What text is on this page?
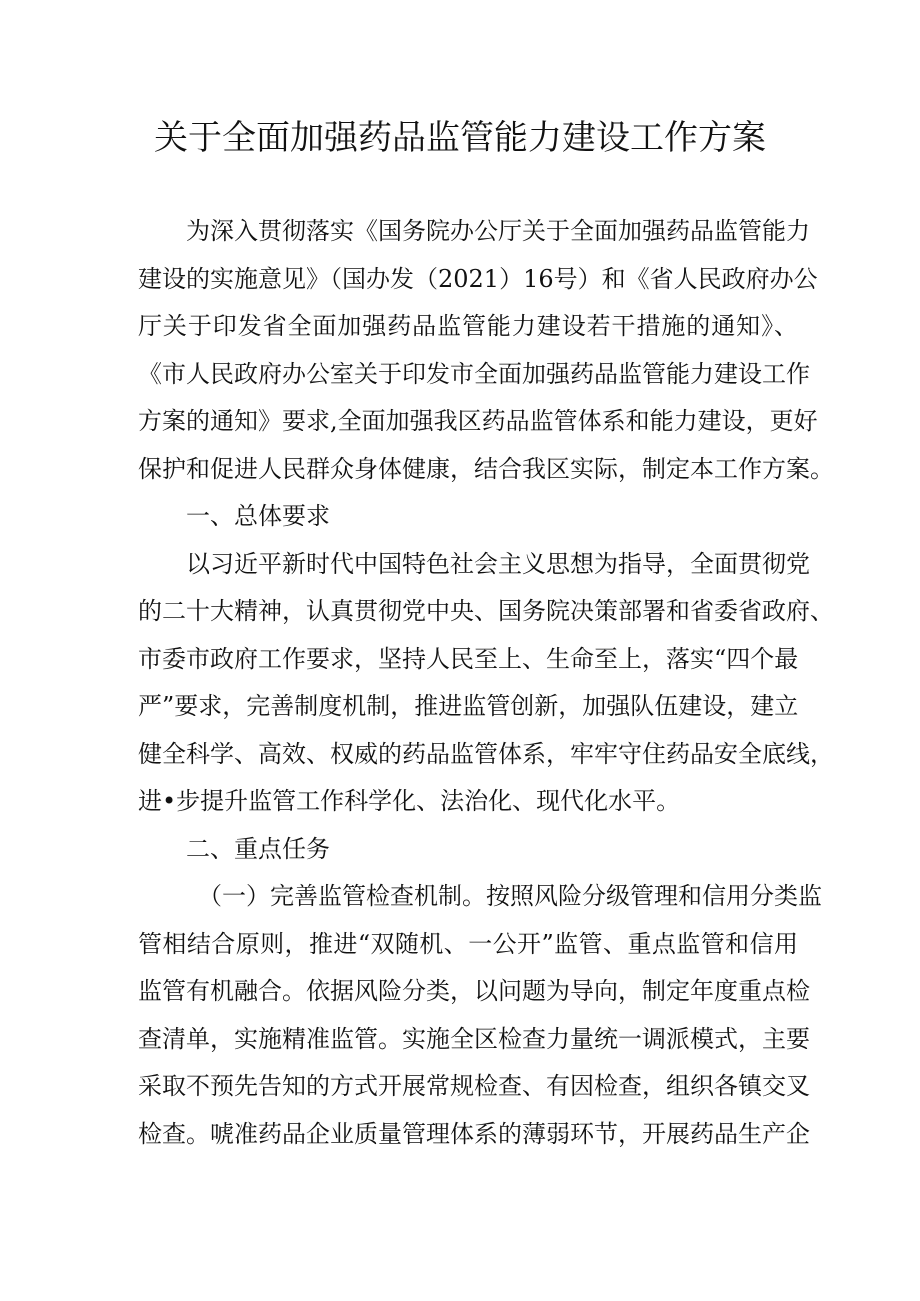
关于全面加强药品监管能力建设工作方案
为深入贯彻落实《国务院办公厅关于全面加强药品监管能力
建设的实施意见》（国办发（2021）16号）和《省人民政府办公
厅关于印发省全面加强药品监管能力建设若干措施的通知》、
《市人民政府办公室关于印发市全面加强药品监管能力建设工作
方案的通知》要求,全面加强我区药品监管体系和能力建设，更好
保护和促进人民群众身体健康，结合我区实际，制定本工作方案。
一、总体要求
以习近平新时代中国特色社会主义思想为指导，全面贯彻党
的二十大精神，认真贯彻党中央、国务院决策部署和省委省政府、
市委市政府工作要求，坚持人民至上、生命至上，落实“四个最
严”要求，完善制度机制，推进监管创新，加强队伍建设，建立
健全科学、高效、权威的药品监管体系，牢牢守住药品安全底线，
进•步提升监管工作科学化、法治化、现代化水平。
二、重点任务
（一）完善监管检查机制。按照风险分级管理和信用分类监
管相结合原则，推进“双随机、一公开”监管、重点监管和信用
监管有机融合。依据风险分类，以问题为导向，制定年度重点检
查清单，实施精准监管。实施全区检查力量统一调派模式，主要
采取不预先告知的方式开展常规检查、有因检查，组织各镇交叉
检查。唬准药品企业质量管理体系的薄弱环节，开展药品生产企
